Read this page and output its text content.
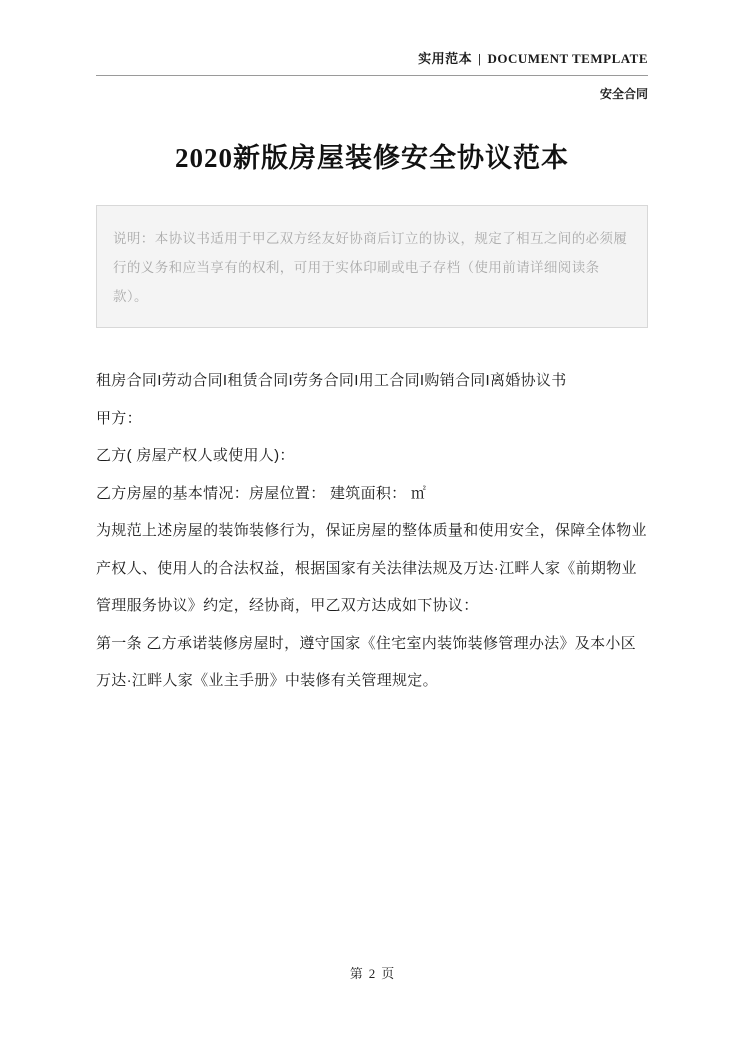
实用范本 | DOCUMENT TEMPLATE
安全合同
2020新版房屋装修安全协议范本
说明：本协议书适用于甲乙双方经友好协商后订立的协议，规定了相互之间的必须履行的义务和应当享有的权利，可用于实体印刷或电子存档（使用前请详细阅读条款）。

租房合同I劳动合同I租赁合同I劳务合同I用工合同I购销合同I离婚协议书

甲方：

乙方( 房屋产权人或使用人)：

乙方房屋的基本情况：房屋位置： 建筑面积： ㎡

为规范上述房屋的装饰装修行为，保证房屋的整体质量和使用安全，保障全体物业产权人、使用人的合法权益，根据国家有关法律法规及万达·江畔人家《前期物业管理服务协议》约定，经协商，甲乙双方达成如下协议：

第一条 乙方承诺装修房屋时，遵守国家《住宅室内装饰装修管理办法》及本小区万达·江畔人家《业主手册》中装修有关管理规定。

第 2 页
